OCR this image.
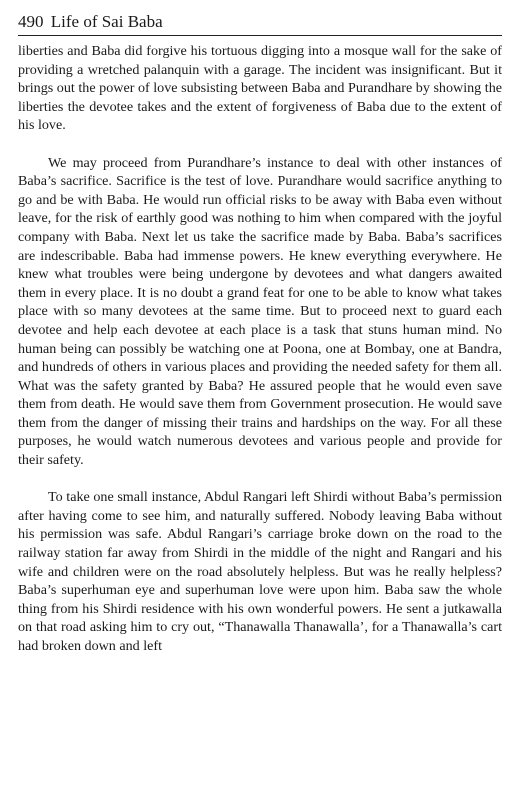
490 Life of Sai Baba

liberties and Baba did forgive his tortuous digging into a mosque wall for the sake of providing a wretched palanquin with a garage. The incident was insignificant. But it brings out the power of love subsisting between Baba and Purandhare by showing the liberties the devotee takes and the extent of forgiveness of Baba due to the extent of his love.

We may proceed from Purandhare’s instance to deal with other instances of Baba’s sacrifice. Sacrifice is the test of love. Purandhare would sacrifice anything to go and be with Baba. He would run official risks to be away with Baba even without leave, for the risk of earthly good was nothing to him when compared with the joyful company with Baba. Next let us take the sacrifice made by Baba. Baba’s sacrifices are indescribable. Baba had immense powers. He knew everything everywhere. He knew what troubles were being undergone by devotees and what dangers awaited them in every place. It is no doubt a grand feat for one to be able to know what takes place with so many devotees at the same time. But to proceed next to guard each devotee and help each devotee at each place is a task that stuns human mind. No human being can possibly be watching one at Poona, one at Bombay, one at Bandra, and hundreds of others in various places and providing the needed safety for them all. What was the safety granted by Baba? He assured people that he would even save them from death. He would save them from Government prosecution. He would save them from the danger of missing their trains and hardships on the way. For all these purposes, he would watch numerous devotees and various people and provide for their safety.

To take one small instance, Abdul Rangari left Shirdi without Baba’s permission after having come to see him, and naturally suffered. Nobody leaving Baba without his permission was safe. Abdul Rangari’s carriage broke down on the road to the railway station far away from Shirdi in the middle of the night and Rangari and his wife and children were on the road absolutely helpless. But was he really helpless? Baba’s superhuman eye and superhuman love were upon him. Baba saw the whole thing from his Shirdi residence with his own wonderful powers. He sent a jutkawalla on that road asking him to cry out, “Thanawalla Thanawalla’, for a Thanawalla’s cart had broken down and left
